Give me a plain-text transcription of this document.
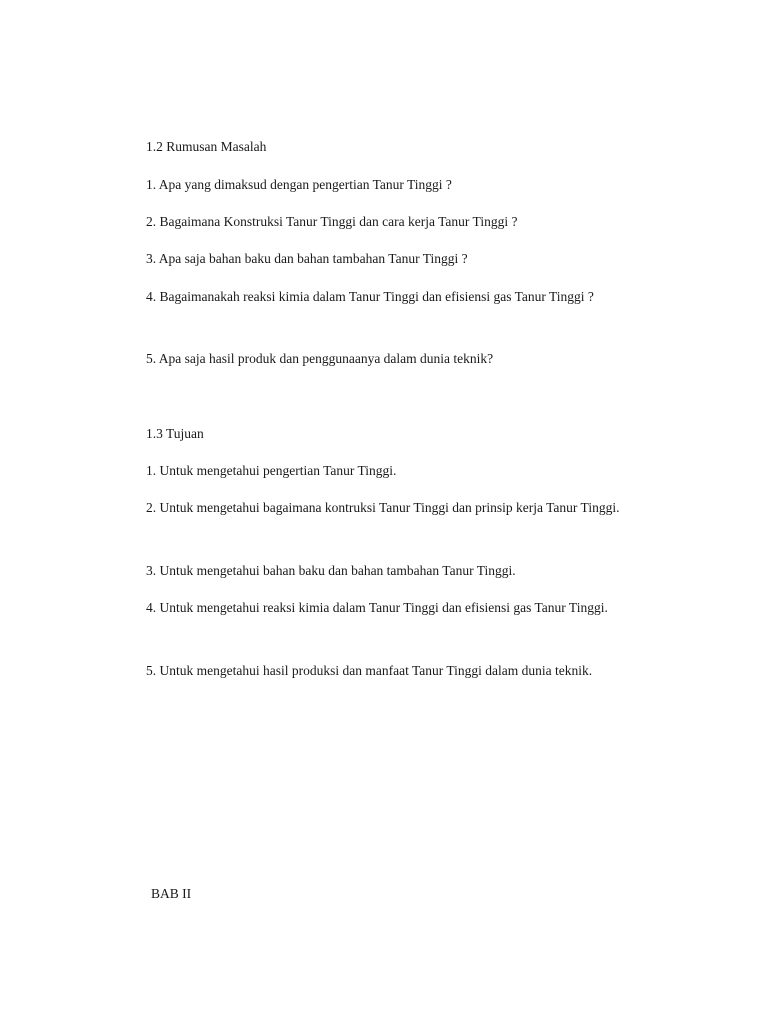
1.2 Rumusan Masalah

1. Apa yang dimaksud dengan pengertian Tanur Tinggi ?

2. Bagaimana Konstruksi Tanur Tinggi dan cara kerja Tanur Tinggi ?

3. Apa saja bahan baku dan bahan tambahan Tanur Tinggi ?

4. Bagaimanakah reaksi kimia dalam Tanur Tinggi dan efisiensi gas Tanur Tinggi ?

5. Apa saja hasil produk dan penggunaanya dalam dunia teknik?

1.3 Tujuan

1. Untuk mengetahui pengertian Tanur Tinggi.

2. Untuk mengetahui bagaimana kontruksi Tanur Tinggi dan prinsip kerja Tanur Tinggi.

3. Untuk mengetahui bahan baku dan bahan tambahan Tanur Tinggi.

4. Untuk mengetahui reaksi kimia dalam Tanur Tinggi dan efisiensi gas Tanur Tinggi.

5. Untuk mengetahui hasil produksi dan manfaat Tanur Tinggi dalam dunia teknik.

BAB II
